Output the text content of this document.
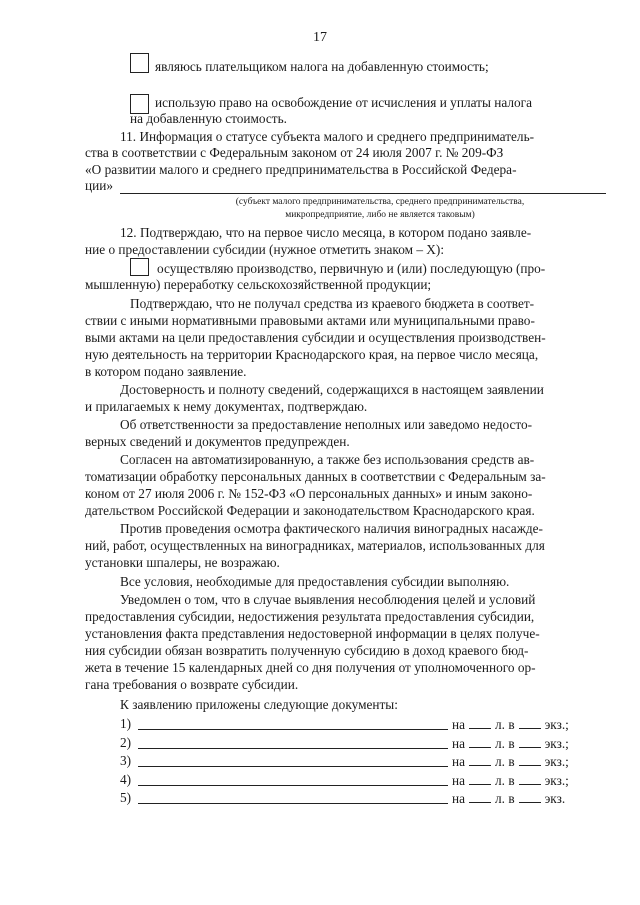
17
являюсь плательщиком налога на добавленную стоимость;
использую право на освобождение от исчисления и уплаты налога
на добавленную стоимость.
11. Информация о статусе субъекта малого и среднего предприниматель-
ства в соответствии с Федеральным законом от 24 июля 2007 г. № 209-ФЗ
«О развитии малого и среднего предпринимательства в Российской Федера-
ции»
(субъект малого предпринимательства, среднего предпринимательства,
микропредприятие, либо не является таковым)
12. Подтверждаю, что на первое число месяца, в котором подано заявле-
ние о предоставлении субсидии (нужное отметить знаком – Х):
осуществляю производство, первичную и (или) последующую (про-
мышленную) переработку сельскохозяйственной продукции;
Подтверждаю, что не получал средства из краевого бюджета в соответ-
ствии с иными нормативными правовыми актами или муниципальными право-
выми актами на цели предоставления субсидии и осуществления производствен-
ную деятельность на территории Краснодарского края, на первое число месяца,
в котором подано заявление.
Достоверность и полноту сведений, содержащихся в настоящем заявлении
и прилагаемых к нему документах, подтверждаю.
Об ответственности за предоставление неполных или заведомо недосто-
верных сведений и документов предупрежден.
Согласен на автоматизированную, а также без использования средств ав-
томатизации обработку персональных данных в соответствии с Федеральным за-
коном от 27 июля 2006 г. № 152-ФЗ «О персональных данных» и иным законо-
дательством Российской Федерации и законодательством Краснодарского края.
Против проведения осмотра фактического наличия виноградных насажде-
ний, работ, осуществленных на виноградниках, материалов, использованных для
установки шпалеры, не возражаю.
Все условия, необходимые для предоставления субсидии выполняю.
Уведомлен о том, что в случае выявления несоблюдения целей и условий
предоставления субсидии, недостижения результата предоставления субсидии,
установления факта представления недостоверной информации в целях получе-
ния субсидии обязан возвратить полученную субсидию в доход краевого бюд-
жета в течение 15 календарных дней со дня получения от уполномоченного ор-
гана требования о возврате субсидии.
К заявлению приложены следующие документы:
1)	на л. в экз.;
2)	на л. в экз.;
3)	на л. в экз.;
4)	на л. в экз.;
5)	на л. в экз.
